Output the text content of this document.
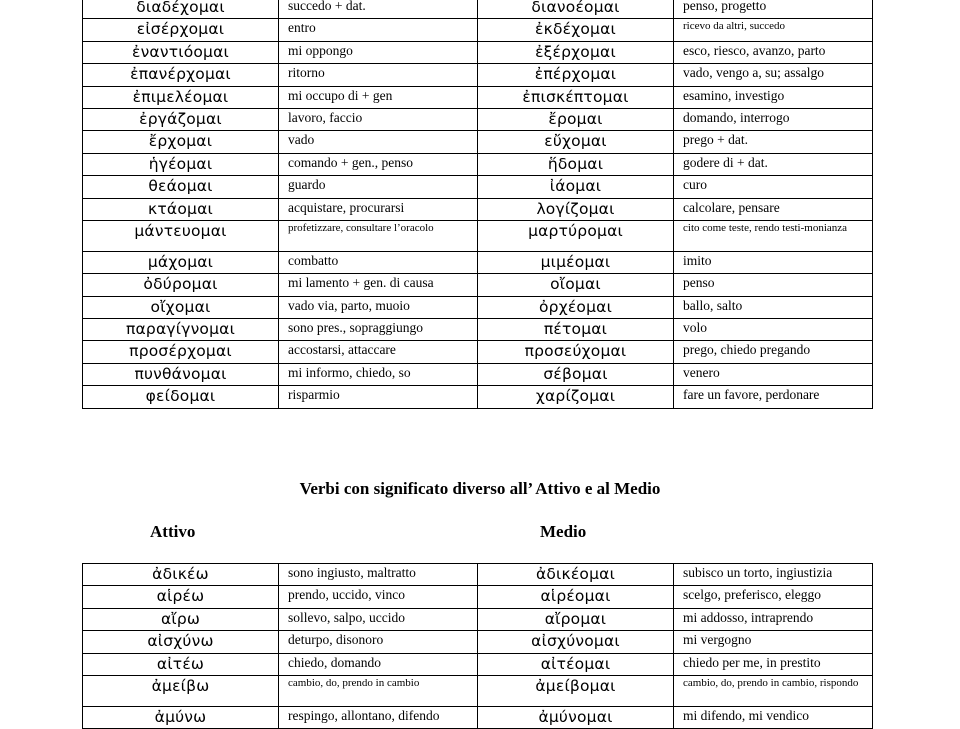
διαδέχομαι	succedo + dat.	διανοέομαι	penso, progetto
εἰσέρχομαι	entro	ἐκδέχομαι	ricevo da altri, succedo
ἐναντιόομαι	mi oppongo	ἐξέρχομαι	esco, riesco, avanzo, parto
ἐπανέρχομαι	ritorno	ἐπέρχομαι	vado, vengo a, su; assalgo
ἐπιμελέομαι	mi occupo di + gen	ἐπισκέπτομαι	esamino, investigo
ἐργάζομαι	lavoro, faccio	ἔρομαι	domando, interrogo
ἔρχομαι	vado	εὔχομαι	prego + dat.
ἡγέομαι	comando + gen., penso	ἥδομαι	godere di + dat.
θεάομαι	guardo	ἰάομαι	curo
κτάομαι	acquistare, procurarsi	λογίζομαι	calcolare, pensare
μάντευομαι	profetizzare, consultare l’oracolo	μαρτύρομαι	cito come teste, rendo testi-monianza
μάχομαι	combatto	μιμέομαι	imito
ὀδύρομαι	mi lamento + gen. di causa	οἴομαι	penso
οἴχομαι	vado via, parto, muoio	ὀρχέομαι	ballo, salto
παραγίγνομαι	sono pres., sopraggiungo	πέτομαι	volo
προσέρχομαι	accostarsi, attaccare	προσεύχομαι	prego, chiedo pregando
πυνθάνομαι	mi informo, chiedo, so	σέβομαι	venero
φείδομαι	risparmio	χαρίζομαι	fare un favore, perdonare
Verbi con significato diverso all’ Attivo e al Medio
Attivo	Medio
ἀδικέω	sono ingiusto, maltratto	ἀδικέομαι	subisco un torto, ingiustizia
αἱρέω	prendo, uccido, vinco	αἱρέομαι	scelgo, preferisco, eleggo
αἴρω	sollevo, salpo, uccido	αἴρομαι	mi addosso, intraprendo
αἰσχύνω	deturpo, disonoro	αἰσχύνομαι	mi vergogno
αἰτέω	chiedo, domando	αἰτέομαι	chiedo per me, in prestito
ἀμείβω	cambio, do, prendo in cambio	ἀμείβομαι	cambio, do, prendo in cambio, rispondo
ἀμύνω	respingo, allontano, difendo	ἀμύνομαι	mi difendo, mi vendico
